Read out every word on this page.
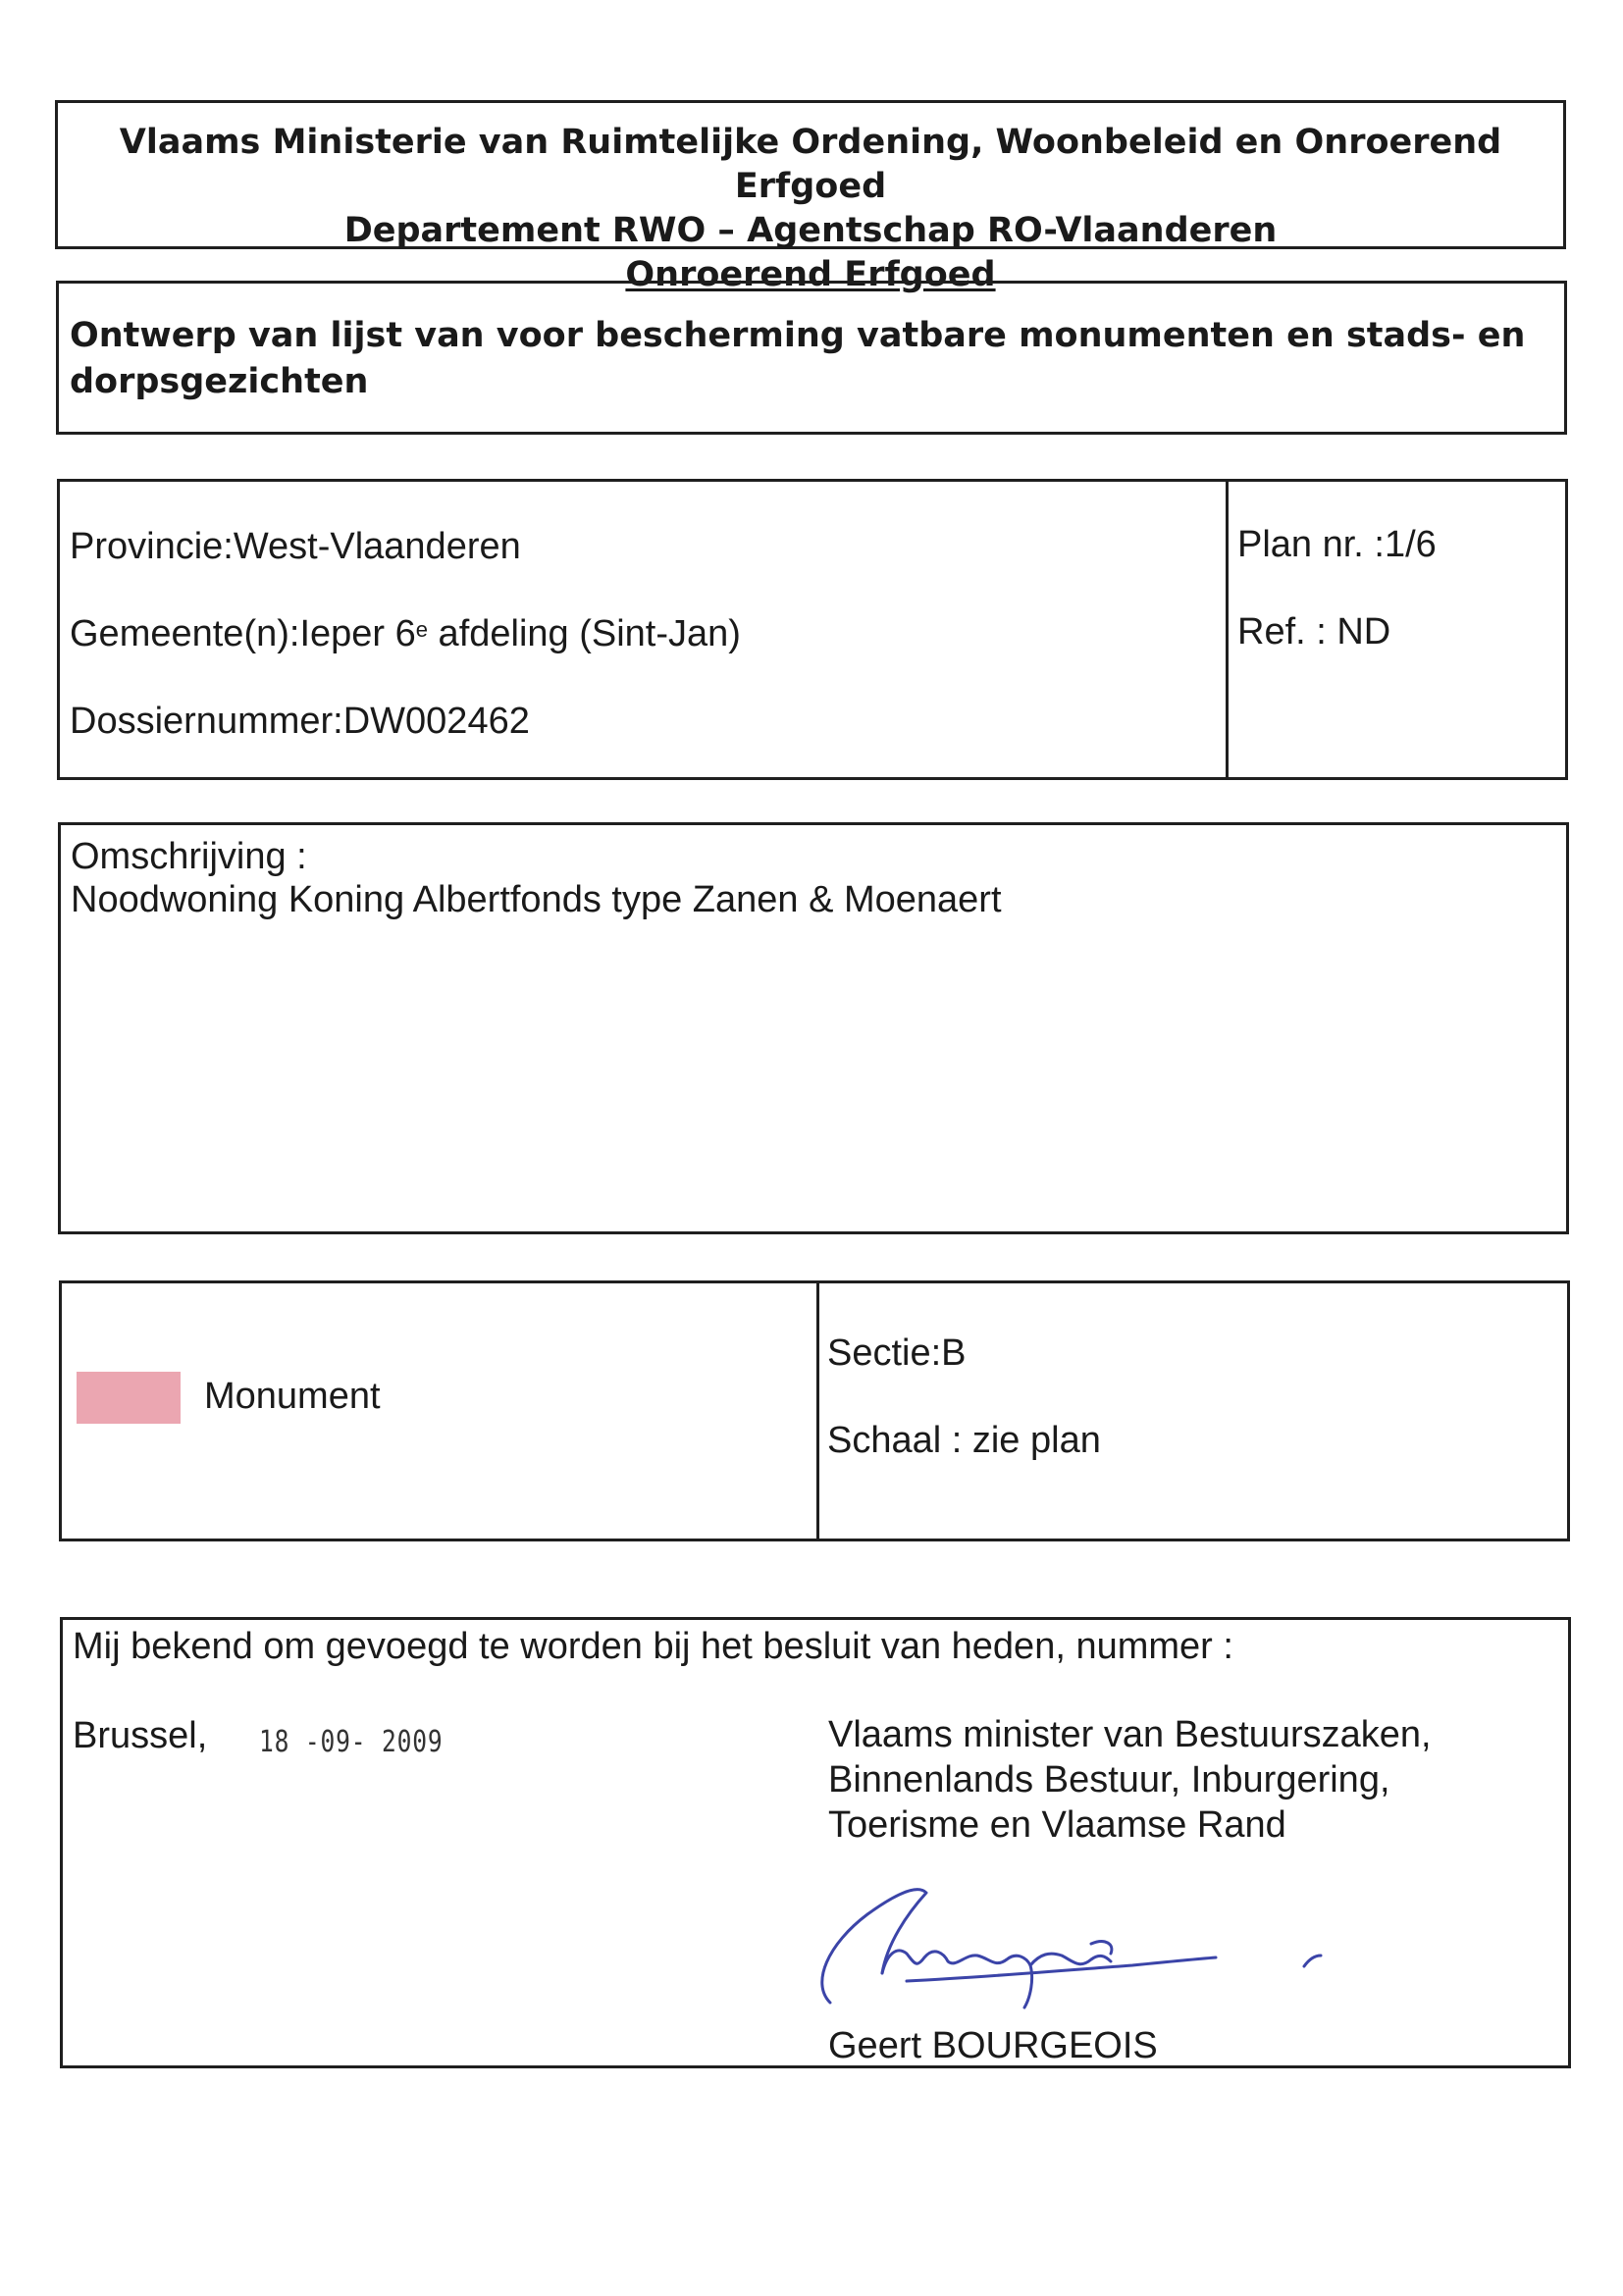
Vlaams Ministerie van Ruimtelijke Ordening, Woonbeleid en Onroerend Erfgoed
Departement RWO – Agentschap RO-Vlaanderen
Onroerend Erfgoed
Ontwerp van lijst van voor bescherming vatbare monumenten en stads- en
dorpsgezichten
Provincie:West-Vlaanderen
Gemeente(n):Ieper 6e afdeling (Sint-Jan)
Dossiernummer:DW002462
Plan nr. :1/6
Ref. : ND
Omschrijving :
Noodwoning Koning Albertfonds type Zanen & Moenaert
Monument
Sectie:B
Schaal : zie plan
Mij bekend om gevoegd te worden bij het besluit van heden, nummer :
Brussel, 18 -09- 2009	Vlaams minister van Bestuurszaken,
Binnenlands Bestuur, Inburgering,
Toerisme en Vlaamse Rand
Geert BOURGEOIS
